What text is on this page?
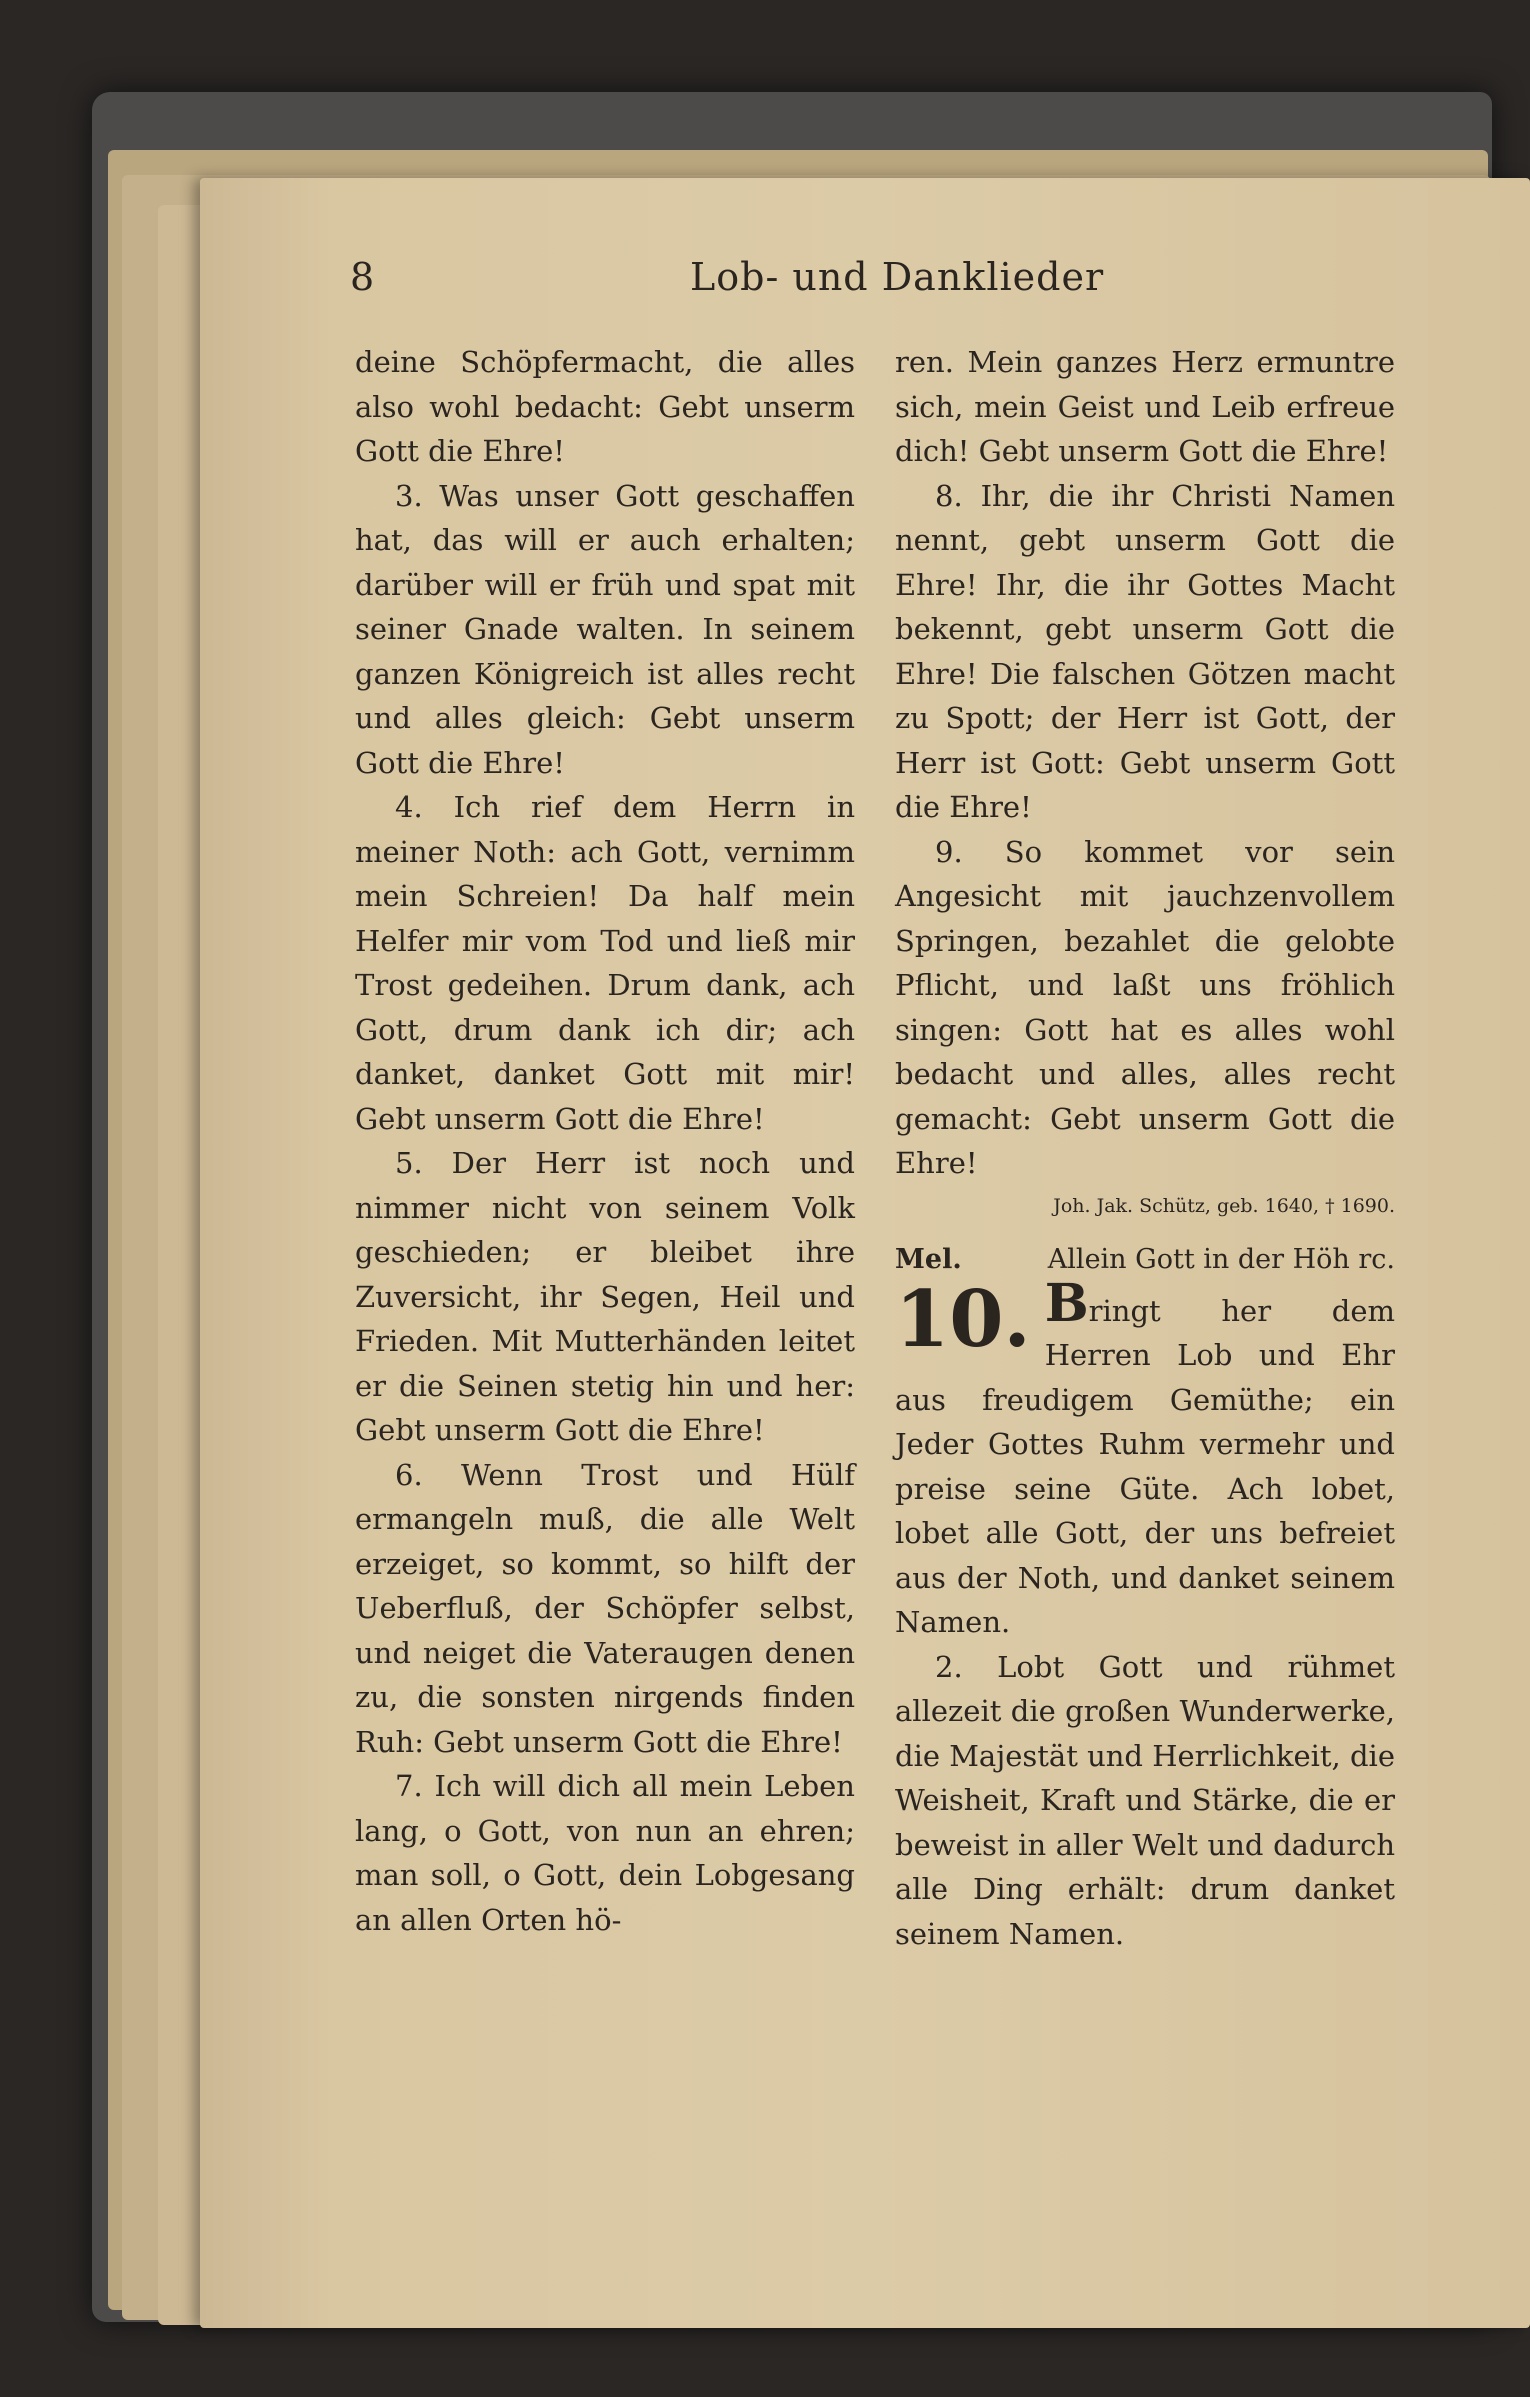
8	Lob- und Danklieder

deine Schöpfermacht, die alles also wohl bedacht: Gebt unserm Gott die Ehre!

3. Was unser Gott geschaffen hat, das will er auch erhalten; darüber will er früh und spat mit seiner Gnade walten. In seinem ganzen Königreich ist alles recht und alles gleich: Gebt unserm Gott die Ehre!

4. Ich rief dem Herrn in meiner Noth: ach Gott, vernimm mein Schreien! Da half mein Helfer mir vom Tod und ließ mir Trost gedeihen. Drum dank, ach Gott, drum dank ich dir; ach danket, danket Gott mit mir! Gebt unserm Gott die Ehre!

5. Der Herr ist noch und nimmer nicht von seinem Volk geschieden; er bleibet ihre Zuversicht, ihr Segen, Heil und Frieden. Mit Mutterhänden leitet er die Seinen stetig hin und her: Gebt unserm Gott die Ehre!

6. Wenn Trost und Hülf ermangeln muß, die alle Welt erzeiget, so kommt, so hilft der Ueberfluß, der Schöpfer selbst, und neiget die Vateraugen denen zu, die sonsten nirgends finden Ruh: Gebt unserm Gott die Ehre!

7. Ich will dich all mein Leben lang, o Gott, von nun an ehren; man soll, o Gott, dein Lobgesang an allen Orten hö-

ren. Mein ganzes Herz ermuntre sich, mein Geist und Leib erfreue dich! Gebt unserm Gott die Ehre!

8. Ihr, die ihr Christi Namen nennt, gebt unserm Gott die Ehre! Ihr, die ihr Gottes Macht bekennt, gebt unserm Gott die Ehre! Die falschen Götzen macht zu Spott; der Herr ist Gott, der Herr ist Gott: Gebt unserm Gott die Ehre!

9. So kommet vor sein Angesicht mit jauchzenvollem Springen, bezahlet die gelobte Pflicht, und laßt uns fröhlich singen: Gott hat es alles wohl bedacht und alles, alles recht gemacht: Gebt unserm Gott die Ehre!

Joh. Jak. Schütz, geb. 1640, † 1690.
Mel.	Allein Gott in der Höh rc.

10. Bringt her dem Herren Lob und Ehr aus freudigem Gemüthe; ein Jeder Gottes Ruhm vermehr und preise seine Güte. Ach lobet, lobet alle Gott, der uns befreiet aus der Noth, und danket seinem Namen.

2. Lobt Gott und rühmet allezeit die großen Wunderwerke, die Majestät und Herrlichkeit, die Weisheit, Kraft und Stärke, die er beweist in aller Welt und dadurch alle Ding erhält: drum danket seinem Namen.
